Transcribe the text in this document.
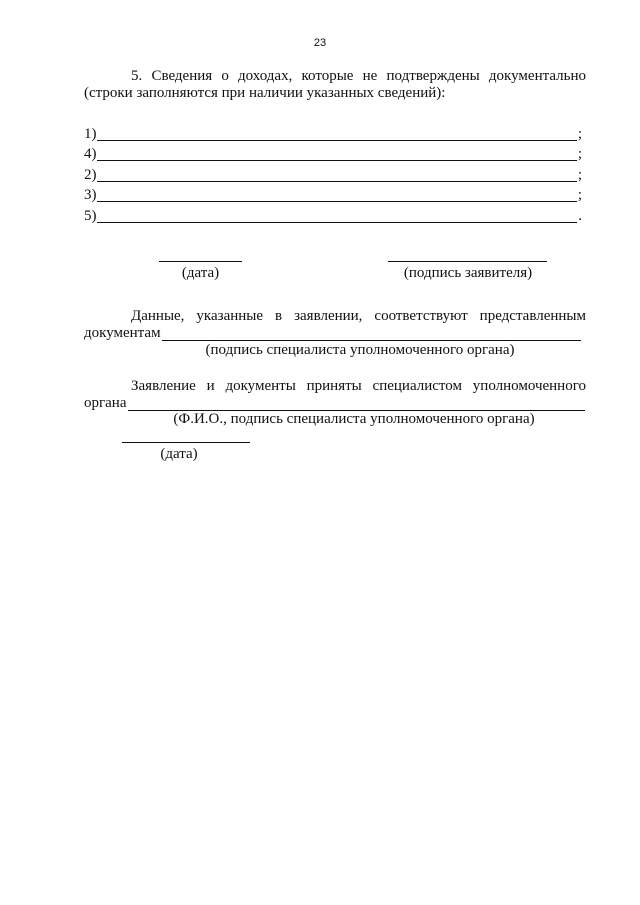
23
5. Сведения о доходах, которые не подтверждены документально
(строки заполняются при наличии указанных сведений):
1)	;
4)	;
2)	;
3)	;
5)	.
(дата)	(подпись заявителя)
Данные, указанные в заявлении, соответствуют представленным
документам
(подпись специалиста уполномоченного органа)
Заявление и документы приняты специалистом уполномоченного
органа
(Ф.И.О., подпись специалиста уполномоченного органа)
(дата)
